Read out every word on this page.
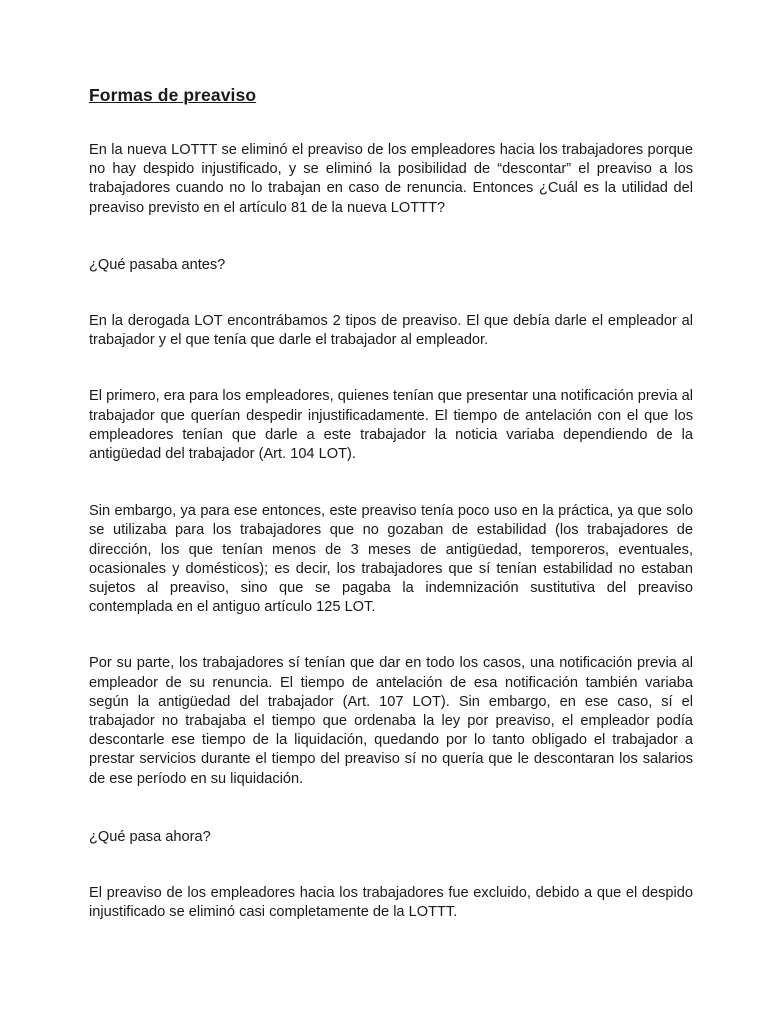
Formas de preaviso

En la nueva LOTTT se eliminó el preaviso de los empleadores hacia los trabajadores porque no hay despido injustificado, y se eliminó la posibilidad de “descontar” el preaviso a los trabajadores cuando no lo trabajan en caso de renuncia. Entonces ¿Cuál es la utilidad del preaviso previsto en el artículo 81 de la nueva LOTTT?

¿Qué pasaba antes?

En la derogada LOT encontrábamos 2 tipos de preaviso. El que debía darle el empleador al trabajador y el que tenía que darle el trabajador al empleador.

El primero, era para los empleadores, quienes tenían que presentar una notificación previa al trabajador que querían despedir injustificadamente. El tiempo de antelación con el que los empleadores tenían que darle a este trabajador la noticia variaba dependiendo de la antigüedad del trabajador (Art. 104 LOT).

Sin embargo, ya para ese entonces, este preaviso tenía poco uso en la práctica, ya que solo se utilizaba para los trabajadores que no gozaban de estabilidad (los trabajadores de dirección, los que tenían menos de 3 meses de antigüedad, temporeros, eventuales, ocasionales y domésticos); es decir, los trabajadores que sí tenían estabilidad no estaban sujetos al preaviso, sino que se pagaba la indemnización sustitutiva del preaviso contemplada en el antiguo artículo 125 LOT.

Por su parte, los trabajadores sí tenían que dar en todo los casos, una notificación previa al empleador de su renuncia. El tiempo de antelación de esa notificación también variaba según la antigüedad del trabajador (Art. 107 LOT). Sin embargo, en ese caso, sí el trabajador no trabajaba el tiempo que ordenaba la ley por preaviso, el empleador podía descontarle ese tiempo de la liquidación, quedando por lo tanto obligado el trabajador a prestar servicios durante el tiempo del preaviso sí no quería que le descontaran los salarios de ese período en su liquidación.

¿Qué pasa ahora?

El preaviso de los empleadores hacia los trabajadores fue excluido, debido a que el despido injustificado se eliminó casi completamente de la LOTTT.
